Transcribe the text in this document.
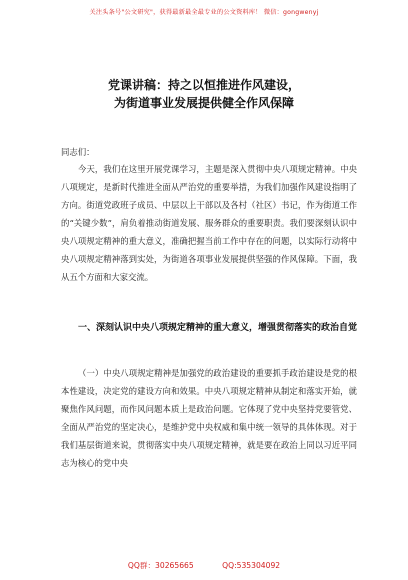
关注头条号"公文研究"，获得最新最全最专业的公文资料库！ 微信：gongwenyj
党课讲稿：持之以恒推进作风建设，
为街道事业发展提供健全作风保障
同志们：
今天，我们在这里开展党课学习，主题是深入贯彻中央八项规定精神。中央八项规定，是新时代推进全面从严治党的重要举措，为我们加强作风建设指明了方向。街道党政班子成员、中层以上干部以及各村（社区）书记，作为街道工作的“关键少数”，肩负着推动街道发展、服务群众的重要职责。我们要深刻认识中央八项规定精神的重大意义，准确把握当前工作中存在的问题，以实际行动将中央八项规定精神落到实处，为街道各项事业发展提供坚强的作风保障。下面，我从五个方面和大家交流。
一、深刻认识中央八项规定精神的重大意义，增强贯彻落实的政治自觉
（一）中央八项规定精神是加强党的政治建设的重要抓手政治建设是党的根本性建设，决定党的建设方向和效果。中央八项规定精神从制定和落实开始，就聚焦作风问题，而作风问题本质上是政治问题。它体现了党中央坚持党要管党、全面从严治党的坚定决心，是维护党中央权威和集中统一领导的具体体现。对于我们基层街道来说，贯彻落实中央八项规定精神，就是要在政治上同以习近平同志为核心的党中央
QQ群：30265665	QQ:535304092
